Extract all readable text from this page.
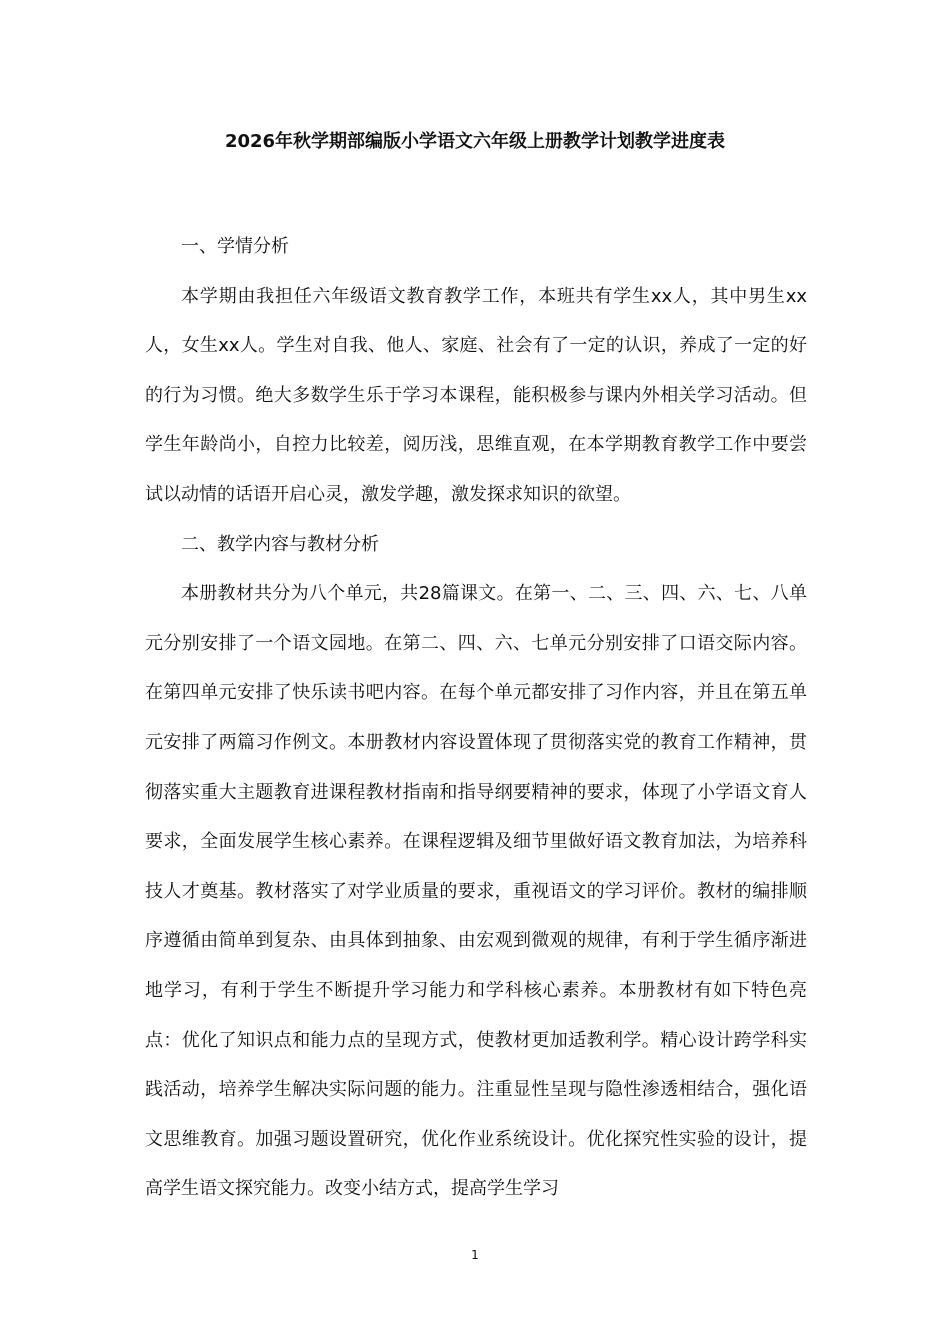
2026年秋学期部编版小学语文六年级上册教学计划教学进度表

一、学情分析

本学期由我担任六年级语文教育教学工作，本班共有学生xx人，其中男生xx人，女生xx人。学生对自我、他人、家庭、社会有了一定的认识，养成了一定的好的行为习惯。绝大多数学生乐于学习本课程，能积极参与课内外相关学习活动。但学生年龄尚小，自控力比较差，阅历浅，思维直观，在本学期教育教学工作中要尝试以动情的话语开启心灵，激发学趣，激发探求知识的欲望。

二、教学内容与教材分析

本册教材共分为八个单元，共28篇课文。在第一、二、三、四、六、七、八单元分别安排了一个语文园地。在第二、四、六、七单元分别安排了口语交际内容。在第四单元安排了快乐读书吧内容。在每个单元都安排了习作内容，并且在第五单元安排了两篇习作例文。本册教材内容设置体现了贯彻落实党的教育工作精神，贯彻落实重大主题教育进课程教材指南和指导纲要精神的要求，体现了小学语文育人要求，全面发展学生核心素养。在课程逻辑及细节里做好语文教育加法，为培养科技人才奠基。教材落实了对学业质量的要求，重视语文的学习评价。教材的编排顺序遵循由简单到复杂、由具体到抽象、由宏观到微观的规律，有利于学生循序渐进地学习，有利于学生不断提升学习能力和学科核心素养。本册教材有如下特色亮点：优化了知识点和能力点的呈现方式，使教材更加适教利学。精心设计跨学科实践活动，培养学生解决实际问题的能力。注重显性呈现与隐性渗透相结合，强化语文思维教育。加强习题设置研究，优化作业系统设计。优化探究性实验的设计，提高学生语文探究能力。改变小结方式，提高学生学习

1
